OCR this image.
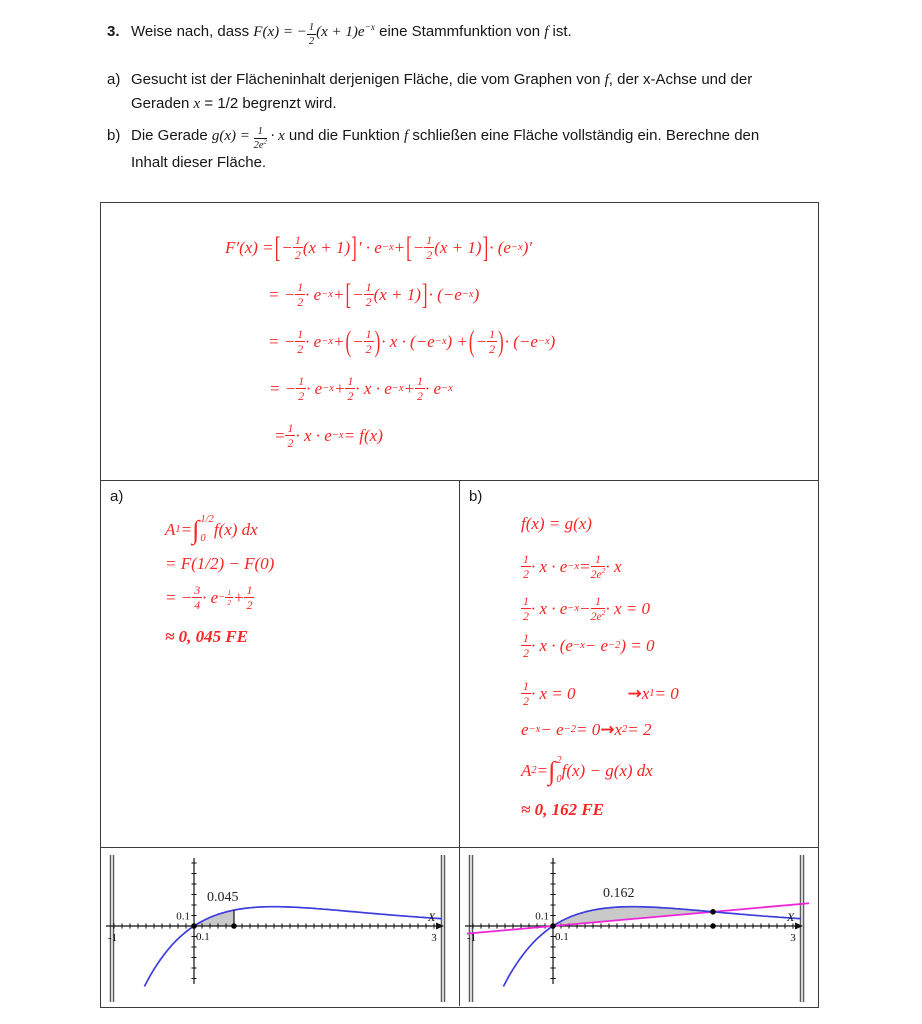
3. Weise nach, dass F(x) = − $\frac{1}{2} (x + 1)e^{-x}$ eine Stammfunktion von f ist.
a) Gesucht ist der Flächeninhalt derjenigen Fläche, die vom Graphen von f, der x-Achse und der
Geraden x = 1/2 begrenzt wird.
b) Die Gerade $g(x) = \frac{1}{2e^2} \cdot x$ und die Funktion f schließen eine Fläche vollständig ein. Berechne den
Inhalt dieser Fläche.
F′(x) = [ − 1
2 (x + 1) ] ′ · e −x + [ − 1
2 (x + 1) ] · (e −x )′
= − 1
2 · e −x + [ − 1
2 (x + 1) ] · (−e −x )
= − 1
2 · e −x + ( − 1
2 ) · x · (−e −x ) + ( − 1
2 ) · (−e −x )
= − 1
2 · e −x + 1
2 · x · e −x + 1
2 · e −x
= 1
2 · x · e −x = f(x)
a)
A 1 = ∫ 1/2
0 f(x) dx
= F(1/2) − F(0)
= − 3
$4 \cdot e - \frac{1}{2} + 1$
2
≈ 0, 045 FE
b)
f(x) = g(x)
1
2 · x · e −x = 1
$2e^2 \cdot x$
1
2 · x · e −x − 1
$2e^2 \cdot x = 0$
1
2 · x · (e −x − e −2 ) = 0
1
2 · x = 0	→ x 1 = 0
e −x − e −2 = 0 → x 2 = 2
A 2 = ∫ 2
0 f(x) − g(x) dx
≈ 0, 162 FE
-1	3
0.1
0.1
X
0.045
-1	3
0.1
0.1
X
0.162
